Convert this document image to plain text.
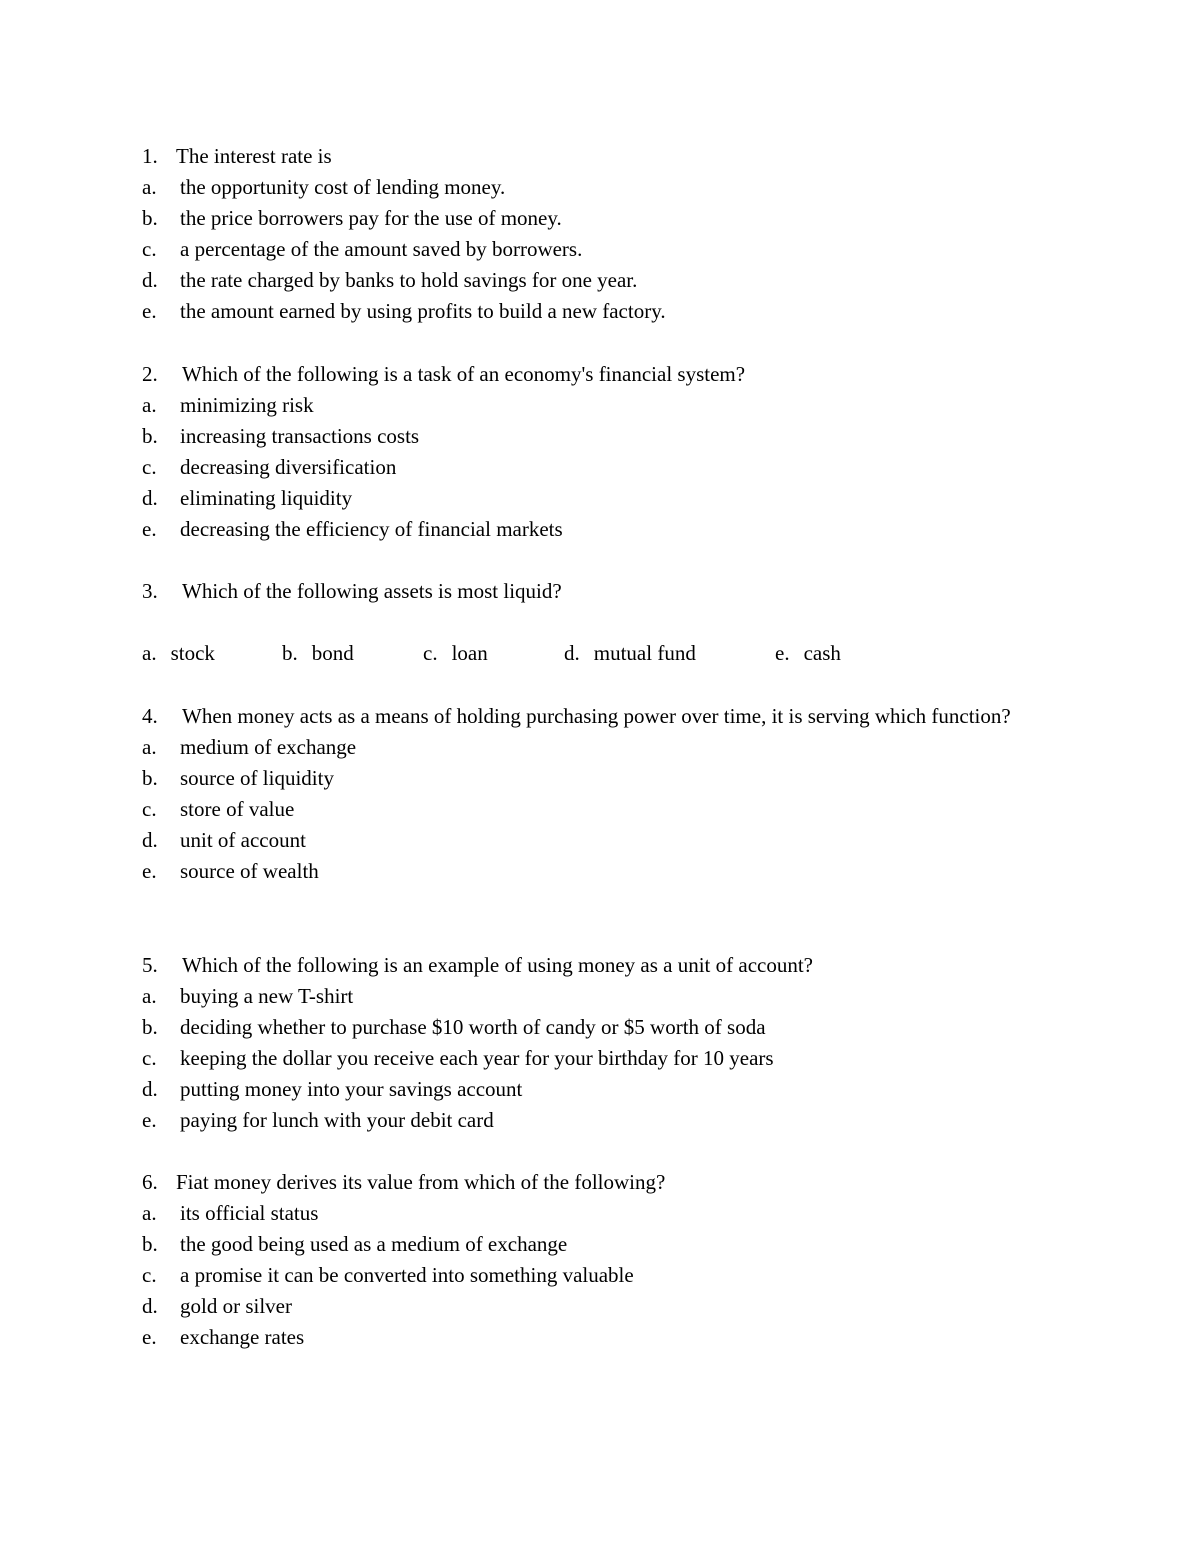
1. The interest rate is
a. the opportunity cost of lending money.
b. the price borrowers pay for the use of money.
c. a percentage of the amount saved by borrowers.
d. the rate charged by banks to hold savings for one year.
e. the amount earned by using profits to build a new factory.
2. Which of the following is a task of an economy's financial system?
a. minimizing risk
b. increasing transactions costs
c. decreasing diversification
d. eliminating liquidity
e. decreasing the efficiency of financial markets
3. Which of the following assets is most liquid?
a. stock	b. bond	c. loan	d. mutual fund	e. cash
4. When money acts as a means of holding purchasing power over time, it is serving which function?
a. medium of exchange
b. source of liquidity
c. store of value
d. unit of account
e. source of wealth
5. Which of the following is an example of using money as a unit of account?
a. buying a new T-shirt
b. deciding whether to purchase $10 worth of candy or $5 worth of soda
c. keeping the dollar you receive each year for your birthday for 10 years
d. putting money into your savings account
e. paying for lunch with your debit card
6. Fiat money derives its value from which of the following?
a. its official status
b. the good being used as a medium of exchange
c. a promise it can be converted into something valuable
d. gold or silver
e. exchange rates
